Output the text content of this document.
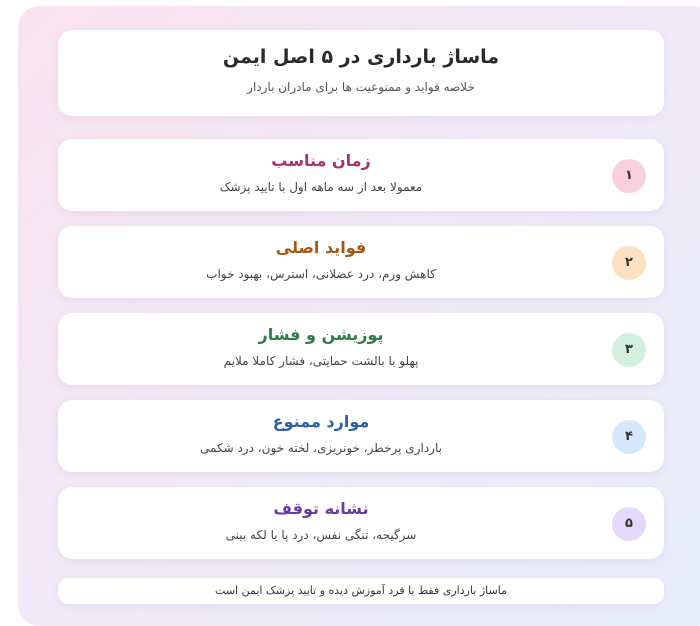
ماساژ بارداری در ۵ اصل ایمن
خلاصه فواید و ممنوعیت ها برای مادران باردار
۱
زمان مناسب
معمولا بعد از سه ماهه اول با تایید پزشک
۲
فواید اصلی
کاهش ورم، درد عضلانی، استرس، بهبود خواب
۳
پوزیشن و فشار
پهلو با بالشت حمایتی، فشار کاملا ملایم
۴
موارد ممنوع
بارداری پرخطر، خونریزی، لخته خون، درد شکمی
۵
نشانه توقف
سرگیجه، تنگی نفس، درد پا یا لکه بینی
ماساژ بارداری فقط با فرد آموزش دیده و تایید پزشک ایمن است
